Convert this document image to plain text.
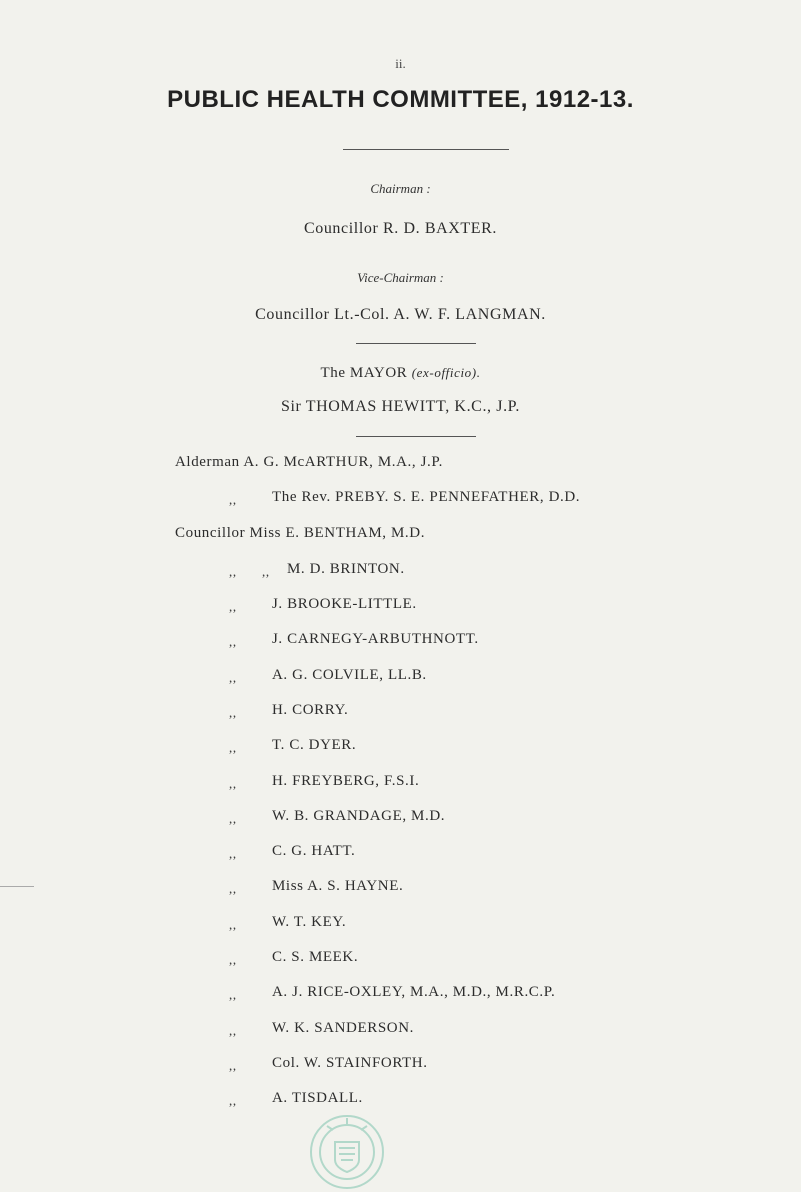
ii.
PUBLIC HEALTH COMMITTEE, 1912-13.
Chairman :
Councillor R. D. BAXTER.
Vice-Chairman :
Councillor Lt.-Col. A. W. F. LANGMAN.
The MAYOR (ex-officio).
Sir THOMAS HEWITT, K.C., J.P.
Alderman A. G. McARTHUR, M.A., J.P.
,, The Rev. PREBY. S. E. PENNEFATHER, D.D.
Councillor Miss E. BENTHAM, M.D.
,, ,, M. D. BRINTON.
,, J. BROOKE-LITTLE.
,, J. CARNEGY-ARBUTHNOTT.
,, A. G. COLVILE, LL.B.
,, H. CORRY.
,, T. C. DYER.
,, H. FREYBERG, F.S.I.
,, W. B. GRANDAGE, M.D.
,, C. G. HATT.
,, Miss A. S. HAYNE.
,, W. T. KEY.
,, C. S. MEEK.
,, A. J. RICE-OXLEY, M.A., M.D., M.R.C.P.
,, W. K. SANDERSON.
,, Col. W. STAINFORTH.
,, A. TISDALL.
